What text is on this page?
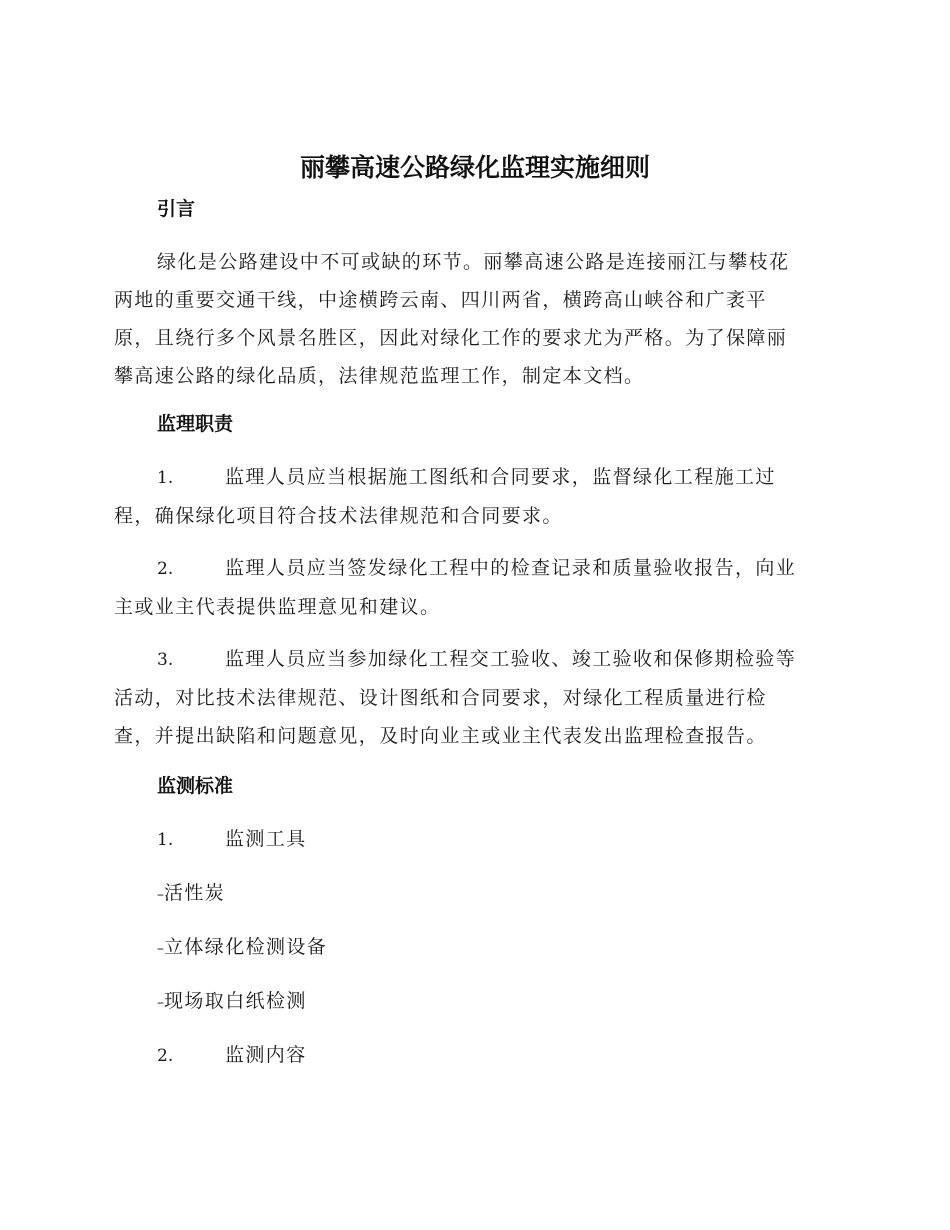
丽攀高速公路绿化监理实施细则
引言
绿化是公路建设中不可或缺的环节。丽攀高速公路是连接丽江与攀枝花
两地的重要交通干线，中途横跨云南、四川两省，横跨高山峡谷和广袤平
原，且绕行多个风景名胜区，因此对绿化工作的要求尤为严格。为了保障丽
攀高速公路的绿化品质，法律规范监理工作，制定本文档。
监理职责
1.	监理人员应当根据施工图纸和合同要求，监督绿化工程施工过
程，确保绿化项目符合技术法律规范和合同要求。
2.	监理人员应当签发绿化工程中的检查记录和质量验收报告，向业
主或业主代表提供监理意见和建议。
3.	监理人员应当参加绿化工程交工验收、竣工验收和保修期检验等
活动，对比技术法律规范、设计图纸和合同要求，对绿化工程质量进行检
查，并提出缺陷和问题意见，及时向业主或业主代表发出监理检查报告。
监测标准
1.	监测工具
–活性炭
–立体绿化检测设备
–现场取白纸检测
2.	监测内容
